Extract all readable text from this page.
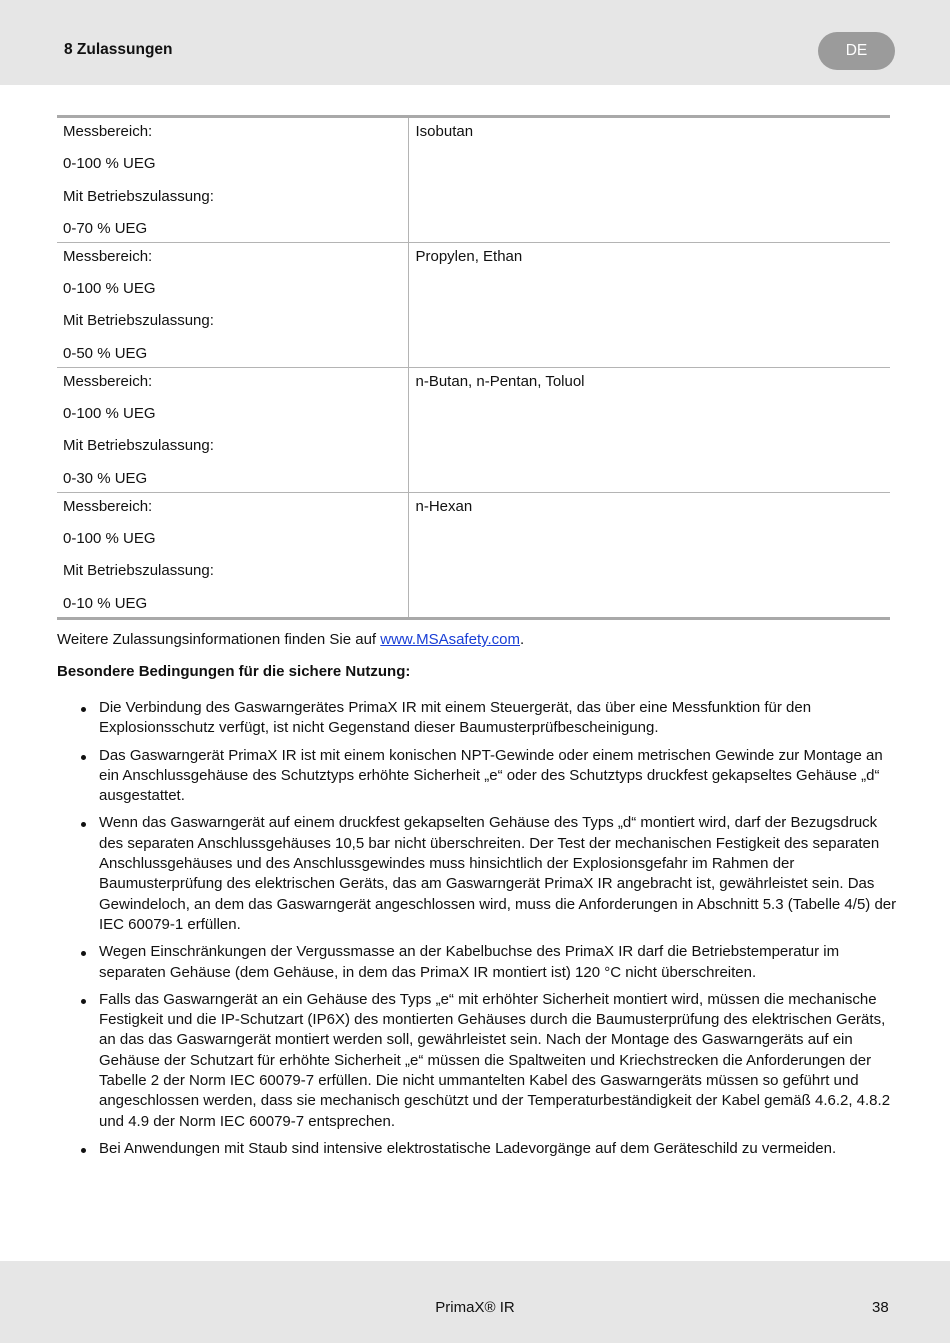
8 Zulassungen	DE
Messbereich:
0-100 % UEG
Mit Betriebszulassung:
0-70 % UEG	Isobutan

Messbereich:
0-100 % UEG
Mit Betriebszulassung:
0-50 % UEG	Propylen, Ethan

Messbereich:
0-100 % UEG
Mit Betriebszulassung:
0-30 % UEG	n-Butan, n-Pentan, Toluol

Messbereich:
0-100 % UEG
Mit Betriebszulassung:
0-10 % UEG	n-Hexan
Weitere Zulassungsinformationen finden Sie auf www.MSAsafety.com.
Besondere Bedingungen für die sichere Nutzung:
Die Verbindung des Gaswarngerätes PrimaX IR mit einem Steuergerät, das über eine Messfunktion für den Explosionsschutz verfügt, ist nicht Gegenstand dieser Baumusterprüfbescheinigung.
Das Gaswarngerät PrimaX IR ist mit einem konischen NPT-Gewinde oder einem metrischen Gewinde zur Montage an ein Anschlussgehäuse des Schutztyps erhöhte Sicherheit „e“ oder des Schutztyps druckfest gekapseltes Gehäuse „d“ ausgestattet.
Wenn das Gaswarngerät auf einem druckfest gekapselten Gehäuse des Typs „d“ montiert wird, darf der Bezugsdruck des separaten Anschlussgehäuses 10,5 bar nicht überschreiten. Der Test der mechanischen Festigkeit des separaten Anschlussgehäuses und des Anschlussgewindes muss hinsichtlich der Explosionsgefahr im Rahmen der Baumusterprüfung des elektrischen Geräts, das am Gaswarngerät PrimaX IR angebracht ist, gewährleistet sein. Das Gewindeloch, an dem das Gaswarngerät angeschlossen wird, muss die Anforderungen in Abschnitt 5.3 (Tabelle 4/5) der IEC 60079-1 erfüllen.
Wegen Einschränkungen der Vergussmasse an der Kabelbuchse des PrimaX IR darf die Betriebstemperatur im separaten Gehäuse (dem Gehäuse, in dem das PrimaX IR montiert ist) 120 °C nicht überschreiten.
Falls das Gaswarngerät an ein Gehäuse des Typs „e“ mit erhöhter Sicherheit montiert wird, müssen die mechanische Festigkeit und die IP-Schutzart (IP6X) des montierten Gehäuses durch die Baumusterprüfung des elektrischen Geräts, an das das Gaswarngerät montiert werden soll, gewährleistet sein. Nach der Montage des Gaswarngeräts auf ein Gehäuse der Schutzart für erhöhte Sicherheit „e“ müssen die Spaltweiten und Kriechstrecken die Anforderungen der Tabelle 2 der Norm IEC 60079-7 erfüllen. Die nicht ummantelten Kabel des Gaswarngeräts müssen so geführt und angeschlossen werden, dass sie mechanisch geschützt und der Temperaturbeständigkeit der Kabel gemäß 4.6.2, 4.8.2 und 4.9 der Norm IEC 60079-7 entsprechen.
Bei Anwendungen mit Staub sind intensive elektrostatische Ladevorgänge auf dem Geräteschild zu vermeiden.
PrimaX® IR	38
